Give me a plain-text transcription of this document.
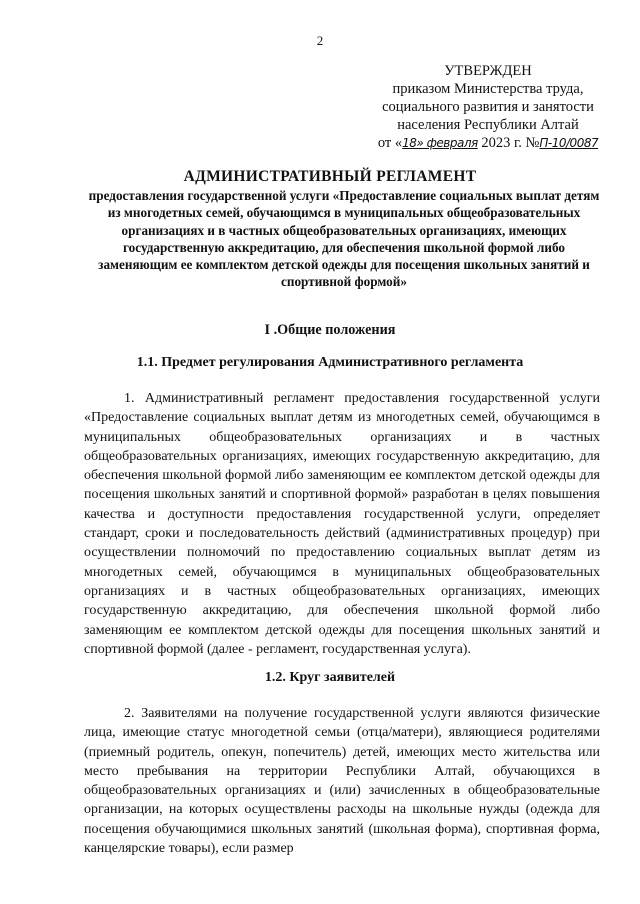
2
УТВЕРЖДЕН
приказом Министерства труда,
социального развития и занятости
населения Республики Алтай
от «18» февраля 2023 г. №П-10/0087
АДМИНИСТРАТИВНЫЙ РЕГЛАМЕНТ
предоставления государственной услуги «Предоставление социальных выплат детям из многодетных семей, обучающимся в муниципальных общеобразовательных организациях и в частных общеобразовательных организациях, имеющих государственную аккредитацию, для обеспечения школьной формой либо заменяющим ее комплектом детской одежды для посещения школьных занятий и спортивной формой»
I .Общие положения
1.1. Предмет регулирования Административного регламента
1. Административный регламент предоставления государственной услуги «Предоставление социальных выплат детям из многодетных семей, обучающимся в муниципальных общеобразовательных организациях и в частных общеобразовательных организациях, имеющих государственную аккредитацию, для обеспечения школьной формой либо заменяющим ее комплектом детской одежды для посещения школьных занятий и спортивной формой» разработан в целях повышения качества и доступности предоставления государственной услуги, определяет стандарт, сроки и последовательность действий (административных процедур) при осуществлении полномочий по предоставлению социальных выплат детям из многодетных семей, обучающимся в муниципальных общеобразовательных организациях и в частных общеобразовательных организациях, имеющих государственную аккредитацию, для обеспечения школьной формой либо заменяющим ее комплектом детской одежды для посещения школьных занятий и спортивной формой (далее - регламент, государственная услуга).
1.2. Круг заявителей
2. Заявителями на получение государственной услуги являются физические лица, имеющие статус многодетной семьи (отца/матери), являющиеся родителями (приемный родитель, опекун, попечитель) детей, имеющих место жительства или место пребывания на территории Республики Алтай, обучающихся в общеобразовательных организациях и (или) зачисленных в общеобразовательные организации, на которых осуществлены расходы на школьные нужды (одежда для посещения обучающимися школьных занятий (школьная форма), спортивная форма, канцелярские товары), если размер
